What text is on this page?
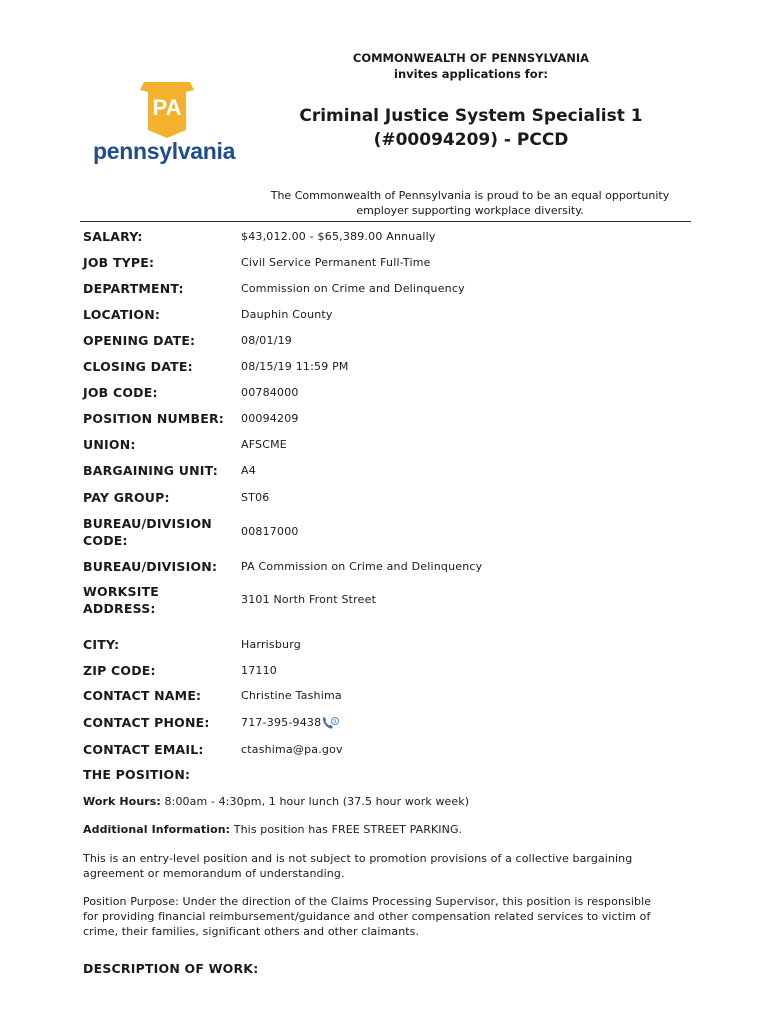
COMMONWEALTH OF PENNSYLVANIA
invites applications for:
PA
pennsylvania
Criminal Justice System Specialist 1
(#00094209) - PCCD
The Commonwealth of Pennsylvania is proud to be an equal opportunity
employer supporting workplace diversity.
SALARY:	$43,012.00 - $65,389.00 Annually
JOB TYPE:	Civil Service Permanent Full-Time
DEPARTMENT:	Commission on Crime and Delinquency
LOCATION:	Dauphin County
OPENING DATE:	08/01/19
CLOSING DATE:	08/15/19 11:59 PM
JOB CODE:	00784000
POSITION NUMBER: 00094209
UNION:	AFSCME
BARGAINING UNIT: A4
PAY GROUP:	ST06
BUREAU/DIVISION
CODE:
00817000
BUREAU/DIVISION: PA Commission on Crime and Delinquency
WORKSITE
ADDRESS:
3101 North Front Street
CITY:	Harrisburg
ZIP CODE:	17110
CONTACT NAME:	Christine Tashima
CONTACT PHONE:	717-395-9438 9
CONTACT EMAIL:	ctashima@pa.gov
THE POSITION:
Work Hours: 8:00am - 4:30pm, 1 hour lunch (37.5 hour work week)
Additional Information: This position has FREE STREET PARKING.
This is an entry-level position and is not subject to promotion provisions of a collective bargaining
agreement or memorandum of understanding.
Position Purpose: Under the direction of the Claims Processing Supervisor, this position is responsible
for providing financial reimbursement/guidance and other compensation related services to victim of
crime, their families, significant others and other claimants.
DESCRIPTION OF WORK:
